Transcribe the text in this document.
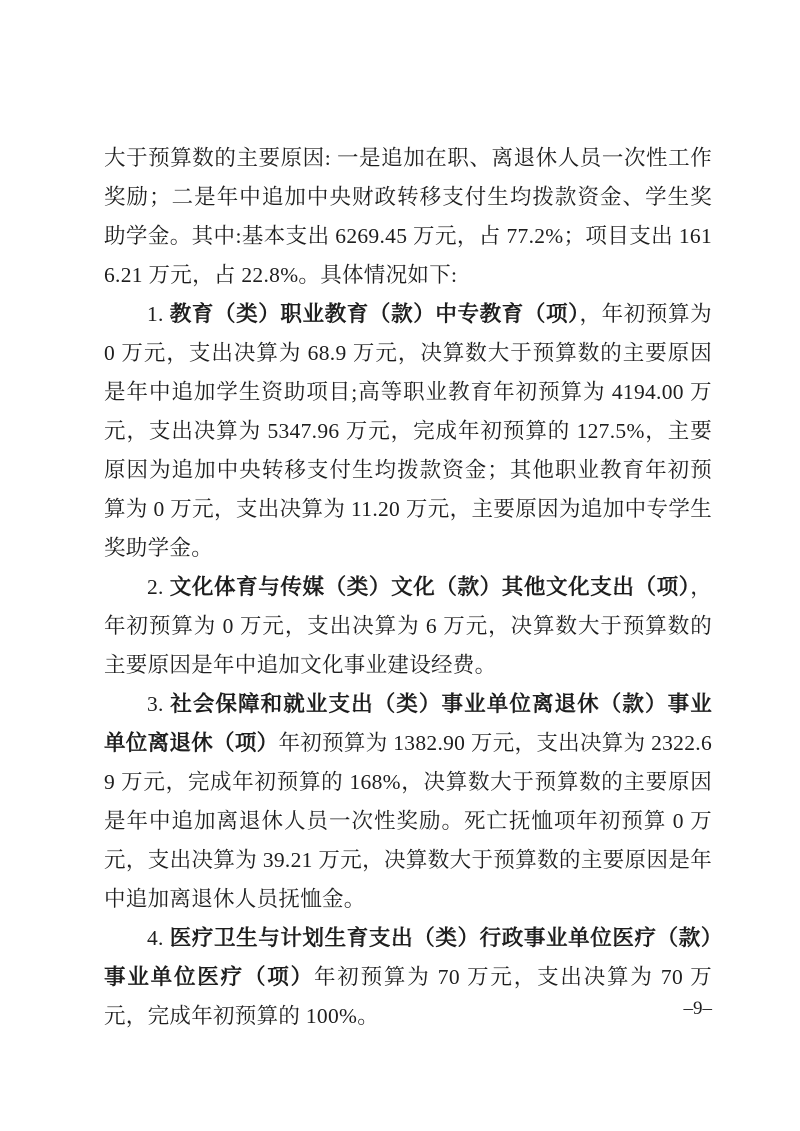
大于预算数的主要原因: 一是追加在职、离退休人员一次性工作奖励；二是年中追加中央财政转移支付生均拨款资金、学生奖助学金。其中:基本支出 6269.45 万元，占 77.2%；项目支出 1616.21 万元，占 22.8%。具体情况如下:

1. 教育（类）职业教育（款）中专教育（项），年初预算为 0 万元，支出决算为 68.9 万元，决算数大于预算数的主要原因是年中追加学生资助项目;高等职业教育年初预算为 4194.00 万元，支出决算为 5347.96 万元，完成年初预算的 127.5%，主要原因为追加中央转移支付生均拨款资金；其他职业教育年初预算为 0 万元，支出决算为 11.20 万元，主要原因为追加中专学生奖助学金。

2. 文化体育与传媒（类）文化（款）其他文化支出（项），年初预算为 0 万元，支出决算为 6 万元，决算数大于预算数的主要原因是年中追加文化事业建设经费。

3. 社会保障和就业支出（类）事业单位离退休（款）事业单位离退休（项）年初预算为 1382.90 万元，支出决算为 2322.69 万元，完成年初预算的 168%，决算数大于预算数的主要原因是年中追加离退休人员一次性奖励。死亡抚恤项年初预算 0 万元，支出决算为 39.21 万元，决算数大于预算数的主要原因是年中追加离退休人员抚恤金。

4. 医疗卫生与计划生育支出（类）行政事业单位医疗（款）事业单位医疗（项）年初预算为 70 万元，支出决算为 70 万元，完成年初预算的 100%。	–9–
